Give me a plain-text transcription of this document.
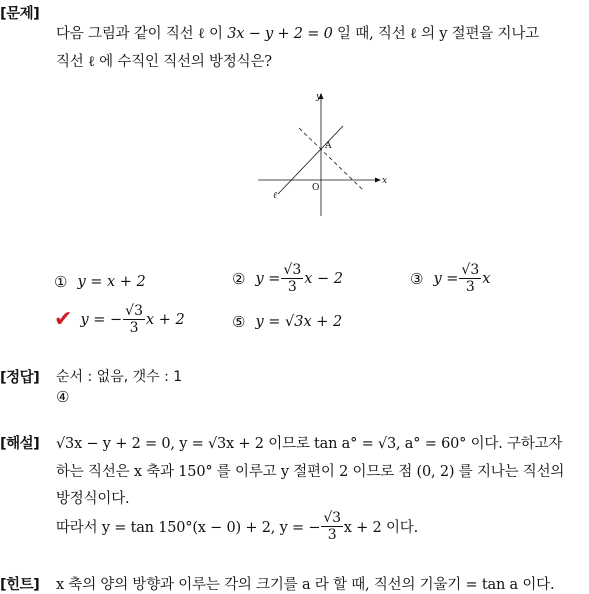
[문제]
다음 그림과 같이 직선 ℓ 이 3x − y + 2 = 0 일 때, 직선 ℓ 의 y 절편을 지나고
직선 ℓ 에 수직인 직선의 방정식은?
y
x
O
A
ℓ
① y = x + 2	② $y = \frac{√3}{3}$ x − 2	③ $y = \frac{√3}{3}$ x
✔ y = − $\frac{√3}{3}$ x + 2	⑤ y = √3x + 2
[정답] 순서 : 없음, 갯수 : 1
④
[해설] √3x − y + 2 = 0, y = √3x + 2 이므로 tan a° = √3, a° = 60° 이다. 구하고자
하는 직선은 x 축과 150° 를 이루고 y 절편이 2 이므로 점 (0, 2) 를 지나는 직선의
방정식이다.
따라서 y = tan 150°(x − 0) + 2, y = − $\frac{√3}{3}$ x + 2 이다.
[힌트] x 축의 양의 방향과 이루는 각의 크기를 a 라 할 때, 직선의 기울기 = tan a 이다.
